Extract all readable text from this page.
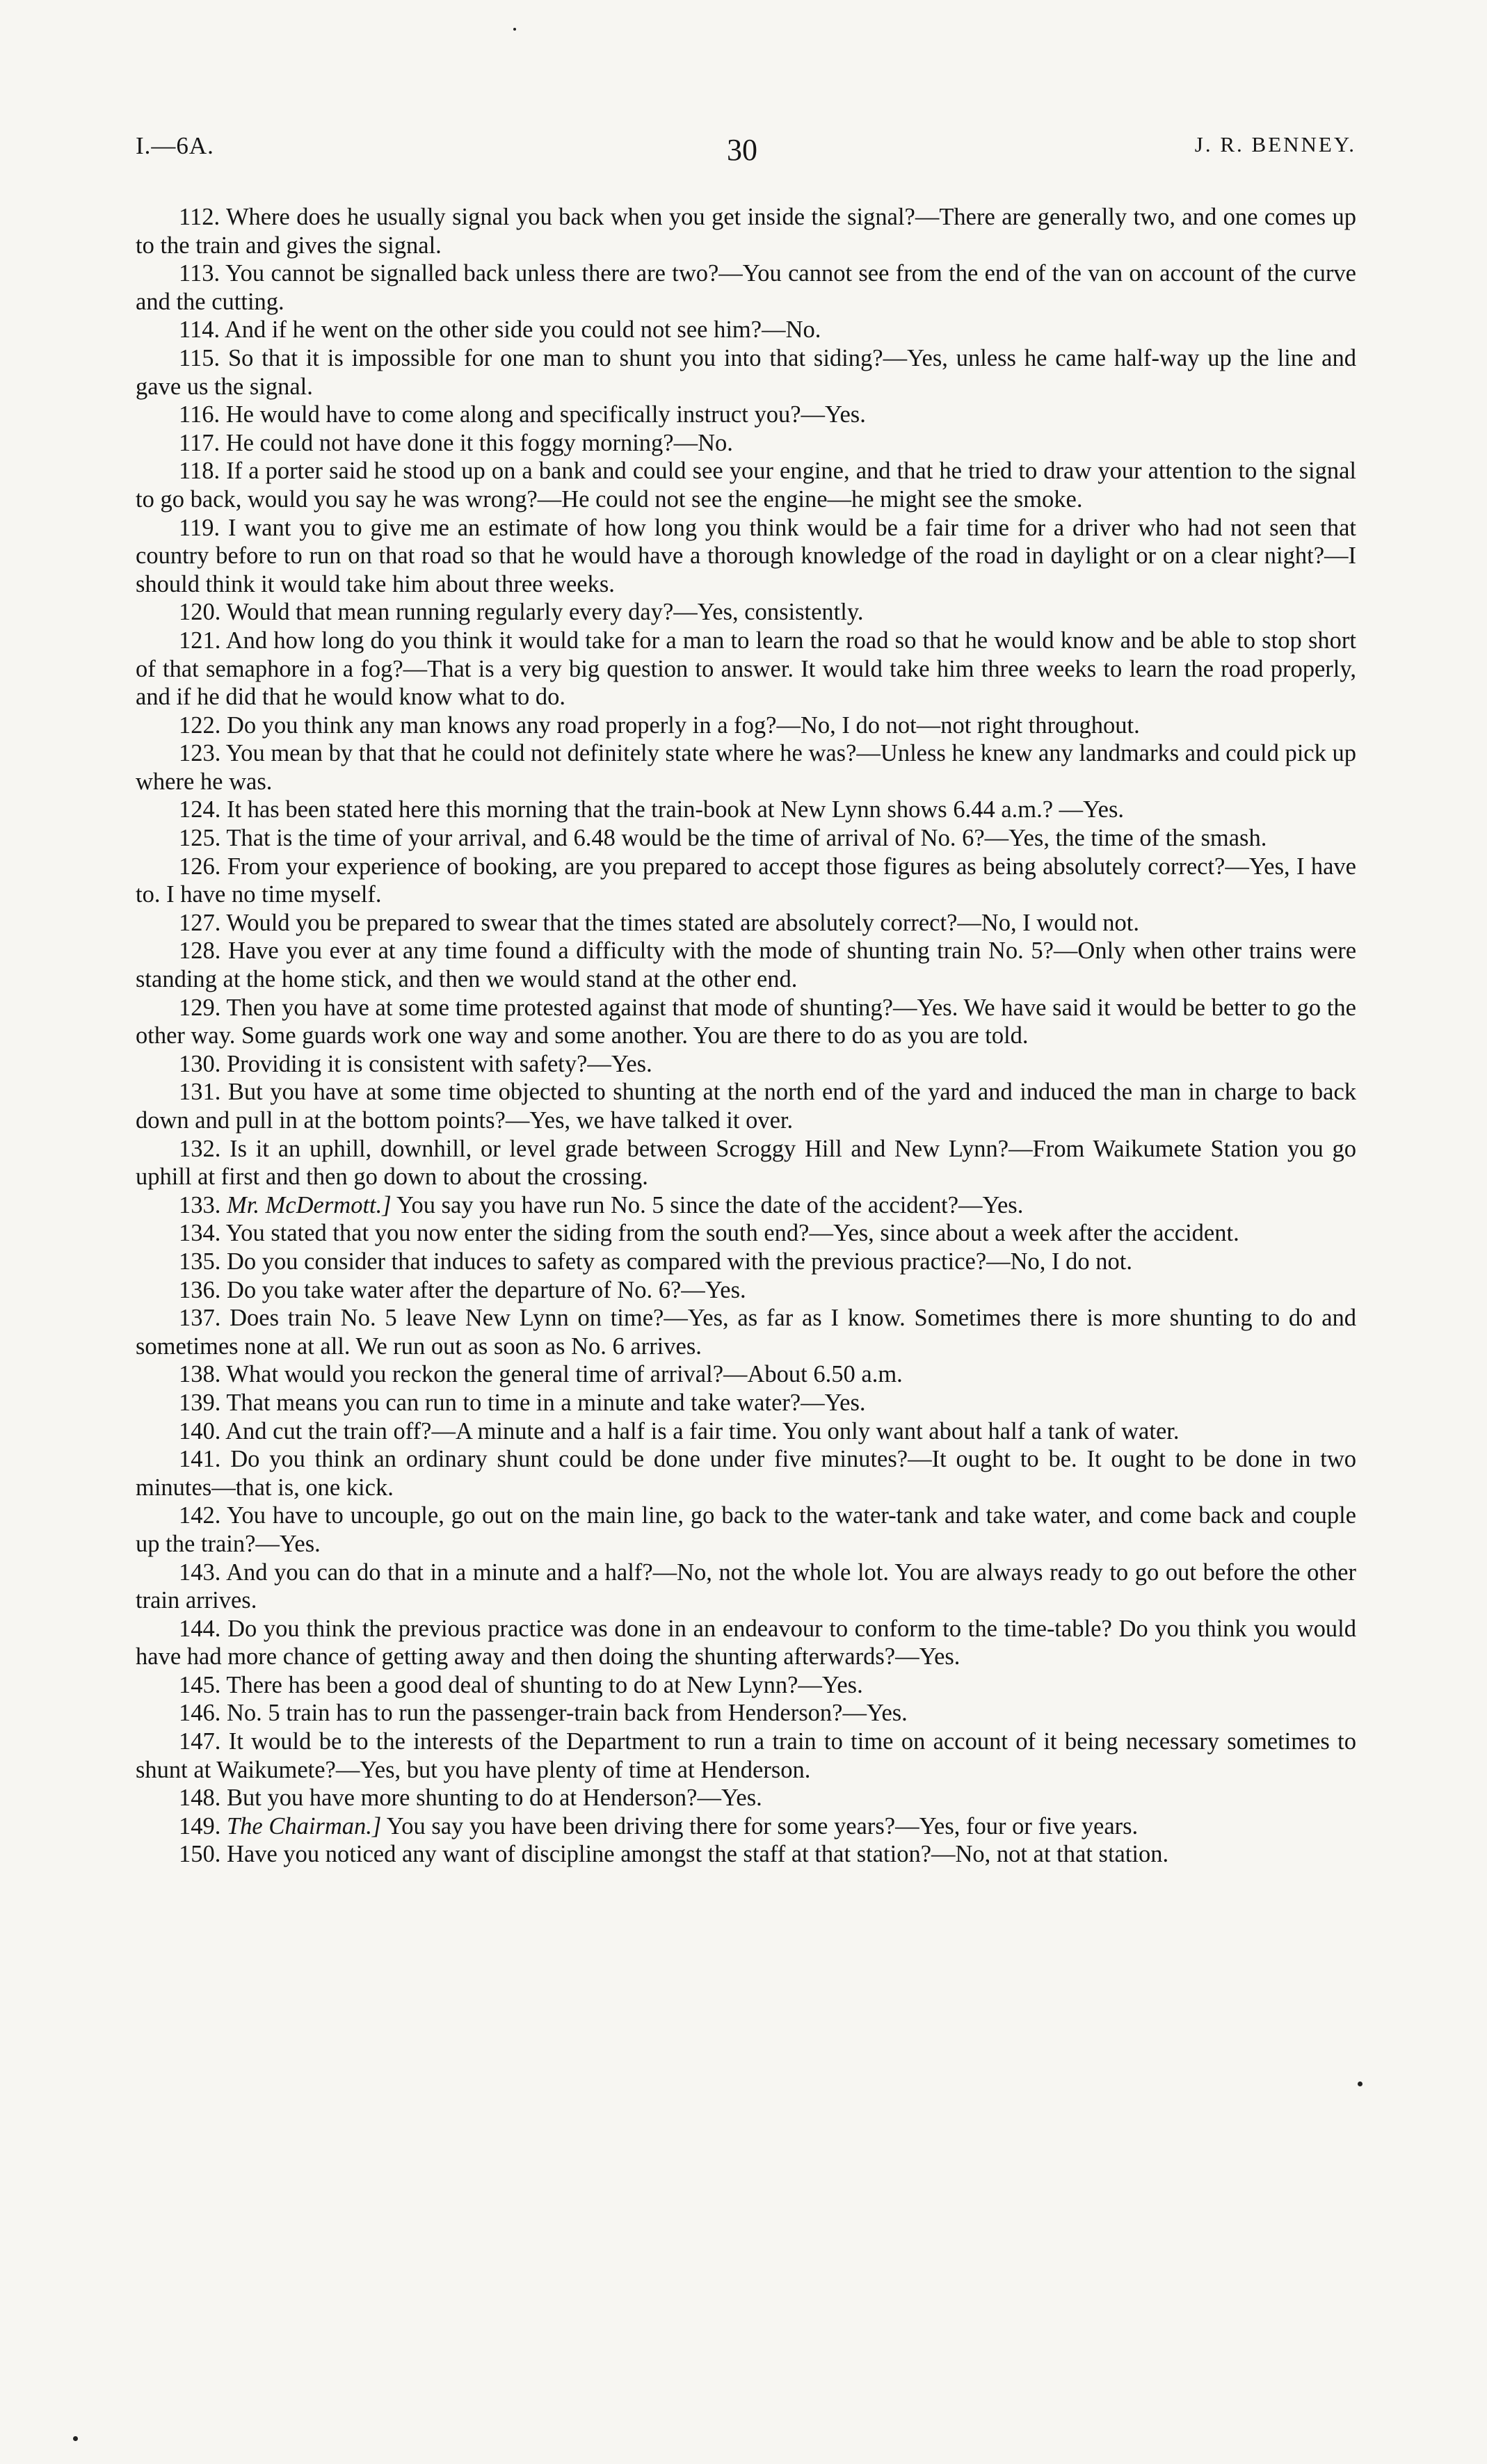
I.—6A.	30	J. R. BENNEY.

112. Where does he usually signal you back when you get inside the signal?—There are generally two, and one comes up to the train and gives the signal.

113. You cannot be signalled back unless there are two?—You cannot see from the end of the van on account of the curve and the cutting.

114. And if he went on the other side you could not see him?—No.

115. So that it is impossible for one man to shunt you into that siding?—Yes, unless he came half-way up the line and gave us the signal.

116. He would have to come along and specifically instruct you?—Yes.

117. He could not have done it this foggy morning?—No.

118. If a porter said he stood up on a bank and could see your engine, and that he tried to draw your attention to the signal to go back, would you say he was wrong?—He could not see the engine—he might see the smoke.

119. I want you to give me an estimate of how long you think would be a fair time for a driver who had not seen that country before to run on that road so that he would have a thorough knowledge of the road in daylight or on a clear night?—I should think it would take him about three weeks.

120. Would that mean running regularly every day?—Yes, consistently.

121. And how long do you think it would take for a man to learn the road so that he would know and be able to stop short of that semaphore in a fog?—That is a very big question to answer. It would take him three weeks to learn the road properly, and if he did that he would know what to do.

122. Do you think any man knows any road properly in a fog?—No, I do not—not right throughout.

123. You mean by that that he could not definitely state where he was?—Unless he knew any landmarks and could pick up where he was.

124. It has been stated here this morning that the train-book at New Lynn shows 6.44 a.m.? —Yes.

125. That is the time of your arrival, and 6.48 would be the time of arrival of No. 6?—Yes, the time of the smash.

126. From your experience of booking, are you prepared to accept those figures as being absolutely correct?—Yes, I have to. I have no time myself.

127. Would you be prepared to swear that the times stated are absolutely correct?—No, I would not.

128. Have you ever at any time found a difficulty with the mode of shunting train No. 5?—Only when other trains were standing at the home stick, and then we would stand at the other end.

129. Then you have at some time protested against that mode of shunting?—Yes. We have said it would be better to go the other way. Some guards work one way and some another. You are there to do as you are told.

130. Providing it is consistent with safety?—Yes.

131. But you have at some time objected to shunting at the north end of the yard and induced the man in charge to back down and pull in at the bottom points?—Yes, we have talked it over.

132. Is it an uphill, downhill, or level grade between Scroggy Hill and New Lynn?—From Waikumete Station you go uphill at first and then go down to about the crossing.

133. Mr. McDermott.] You say you have run No. 5 since the date of the accident?—Yes.

134. You stated that you now enter the siding from the south end?—Yes, since about a week after the accident.

135. Do you consider that induces to safety as compared with the previous practice?—No, I do not.

136. Do you take water after the departure of No. 6?—Yes.

137. Does train No. 5 leave New Lynn on time?—Yes, as far as I know. Sometimes there is more shunting to do and sometimes none at all. We run out as soon as No. 6 arrives.

138. What would you reckon the general time of arrival?—About 6.50 a.m.

139. That means you can run to time in a minute and take water?—Yes.

140. And cut the train off?—A minute and a half is a fair time. You only want about half a tank of water.

141. Do you think an ordinary shunt could be done under five minutes?—It ought to be. It ought to be done in two minutes—that is, one kick.

142. You have to uncouple, go out on the main line, go back to the water-tank and take water, and come back and couple up the train?—Yes.

143. And you can do that in a minute and a half?—No, not the whole lot. You are always ready to go out before the other train arrives.

144. Do you think the previous practice was done in an endeavour to conform to the time-table? Do you think you would have had more chance of getting away and then doing the shunting afterwards?—Yes.

145. There has been a good deal of shunting to do at New Lynn?—Yes.

146. No. 5 train has to run the passenger-train back from Henderson?—Yes.

147. It would be to the interests of the Department to run a train to time on account of it being necessary sometimes to shunt at Waikumete?—Yes, but you have plenty of time at Henderson.

148. But you have more shunting to do at Henderson?—Yes.

149. The Chairman.] You say you have been driving there for some years?—Yes, four or five years.

150. Have you noticed any want of discipline amongst the staff at that station?—No, not at that station.
